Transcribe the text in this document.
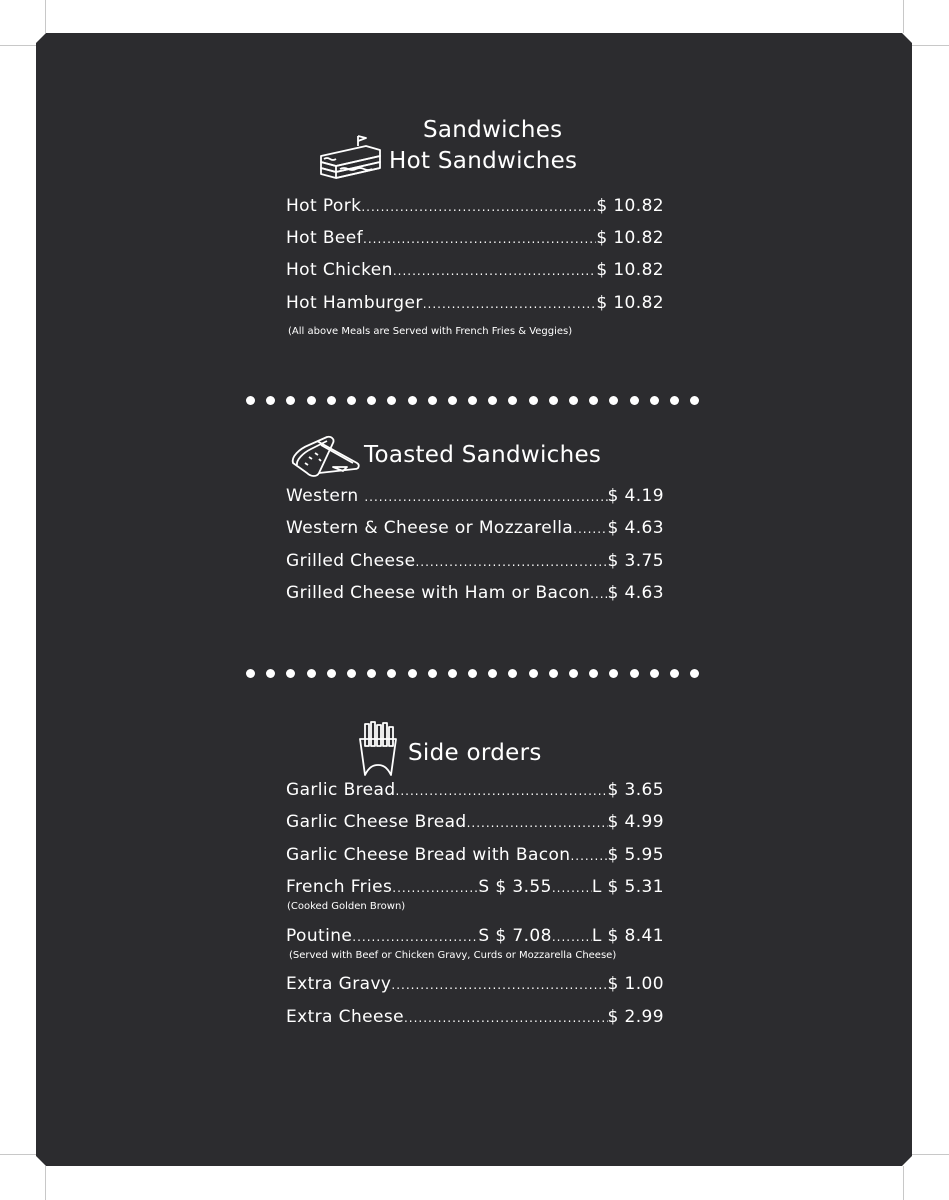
Sandwiches
Hot Sandwiches
Hot Pork .....	$ 10.82
Hot Beef .....	$ 10.82
Hot Chicken .....	$ 10.82
Hot Hamburger .....	$ 10.82
(All above Meals are Served with French Fries & Veggies)
Toasted Sandwiches
Western .....	$ 4.19
Western & Cheese or Mozzarella ..... $ 4.63
Grilled Cheese .....	$ 3.75
Grilled Cheese with Ham or Bacon ..... $ 4.63
Side orders
Garlic Bread .....	$ 3.65
Garlic Cheese Bread .....	$ 4.99
Garlic Cheese Bread with Bacon ..... $ 5.95
French Fries .....	S $ 3.55 ..... L $ 5.31
Poutine .....	S $ 7.08 ..... L $ 8.41
Extra Gravy .....	$ 1.00
Extra Cheese .....	$ 2.99
(Cooked Golden Brown)
(Served with Beef or Chicken Gravy, Curds or Mozzarella Cheese)
